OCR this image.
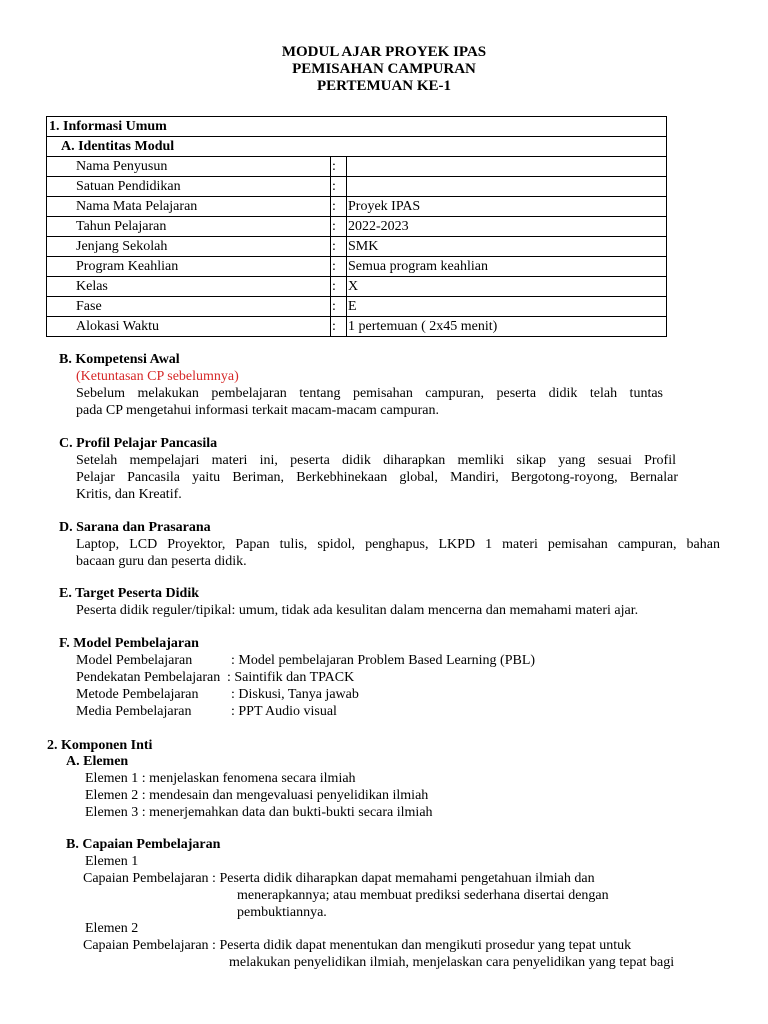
MODUL AJAR PROYEK IPAS
PEMISAHAN CAMPURAN
PERTEMUAN KE-1
1. Informasi Umum		
A. Identitas Modul		
Nama Penyusun	:	
Satuan Pendidikan	:	
Nama Mata Pelajaran	:	Proyek IPAS
Tahun Pelajaran	:	2022-2023
Jenjang Sekolah	:	SMK
Program Keahlian	:	Semua program keahlian
Kelas	:	X
Fase	:	E
Alokasi Waktu	:	1 pertemuan ( 2x45 menit)
B. Kompetensi Awal
(Ketuntasan CP sebelumnya)
Sebelum melakukan pembelajaran tentang pemisahan campuran, peserta didik telah tuntas
pada CP mengetahui informasi terkait macam-macam campuran.
C. Profil Pelajar Pancasila
Setelah mempelajari materi ini, peserta didik diharapkan memliki sikap yang sesuai Profil
Pelajar Pancasila yaitu Beriman, Berkebhinekaan global, Mandiri, Bergotong-royong, Bernalar
Kritis, dan Kreatif.
D. Sarana dan Prasarana
Laptop, LCD Proyektor, Papan tulis, spidol, penghapus, LKPD 1 materi pemisahan campuran, bahan
bacaan guru dan peserta didik.
E. Target Peserta Didik
Peserta didik reguler/tipikal: umum, tidak ada kesulitan dalam mencerna dan memahami materi ajar.
F. Model Pembelajaran
Model Pembelajaran	: Model pembelajaran Problem Based Learning (PBL)
Pendekatan Pembelajaran : Saintifik dan TPACK
Metode Pembelajaran : Diskusi, Tanya jawab
Media Pembelajaran	: PPT Audio visual
2. Komponen Inti
A. Elemen
Elemen 1 : menjelaskan fenomena secara ilmiah
Elemen 2 : mendesain dan mengevaluasi penyelidikan ilmiah
Elemen 3 : menerjemahkan data dan bukti-bukti secara ilmiah
B. Capaian Pembelajaran
Elemen 1
Capaian Pembelajaran : Peserta didik diharapkan dapat memahami pengetahuan ilmiah dan
menerapkannya; atau membuat prediksi sederhana disertai dengan
pembuktiannya.
Elemen 2
Capaian Pembelajaran : Peserta didik dapat menentukan dan mengikuti prosedur yang tepat untuk
melakukan penyelidikan ilmiah, menjelaskan cara penyelidikan yang tepat bagi
